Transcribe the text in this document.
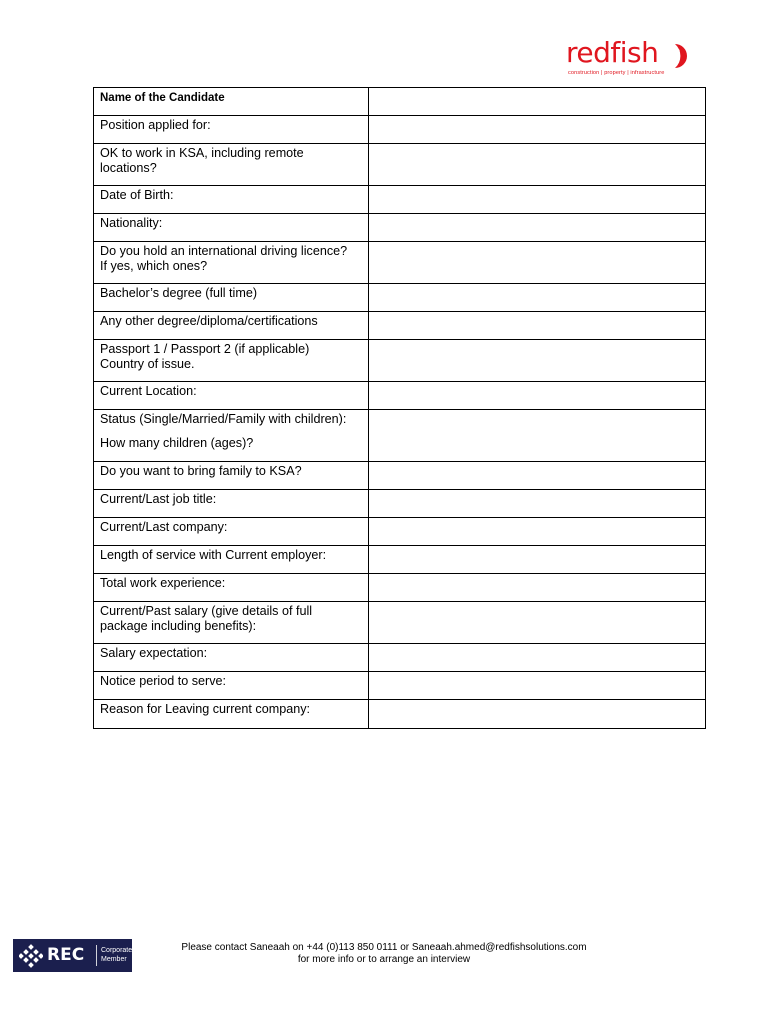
redfish
construction | property | infrastructure
Name of the Candidate	
Position applied for:	
OK to work in KSA, including remote
locations?	

Date of Birth:	
Nationality:	
Do you hold an international driving licence?
If yes, which ones?	

Bachelor’s degree (full time)	
Any other degree/diploma/certifications	
Passport 1 / Passport 2 (if applicable)
Country of issue.	

Current Location:	
Status (Single/Married/Family with children):
How many children (ages)?	

Do you want to bring family to KSA?	
Current/Last job title:	
Current/Last company:	
Length of service with Current employer:	
Total work experience:	
Current/Past salary (give details of full
package including benefits):	

Salary expectation:	
Notice period to serve:	
Reason for Leaving current company:	
REC Corporate
Member
Please contact Saneaah on +44 (0)113 850 0111 or Saneaah.ahmed@redfishsolutions.com
for more info or to arrange an interview
